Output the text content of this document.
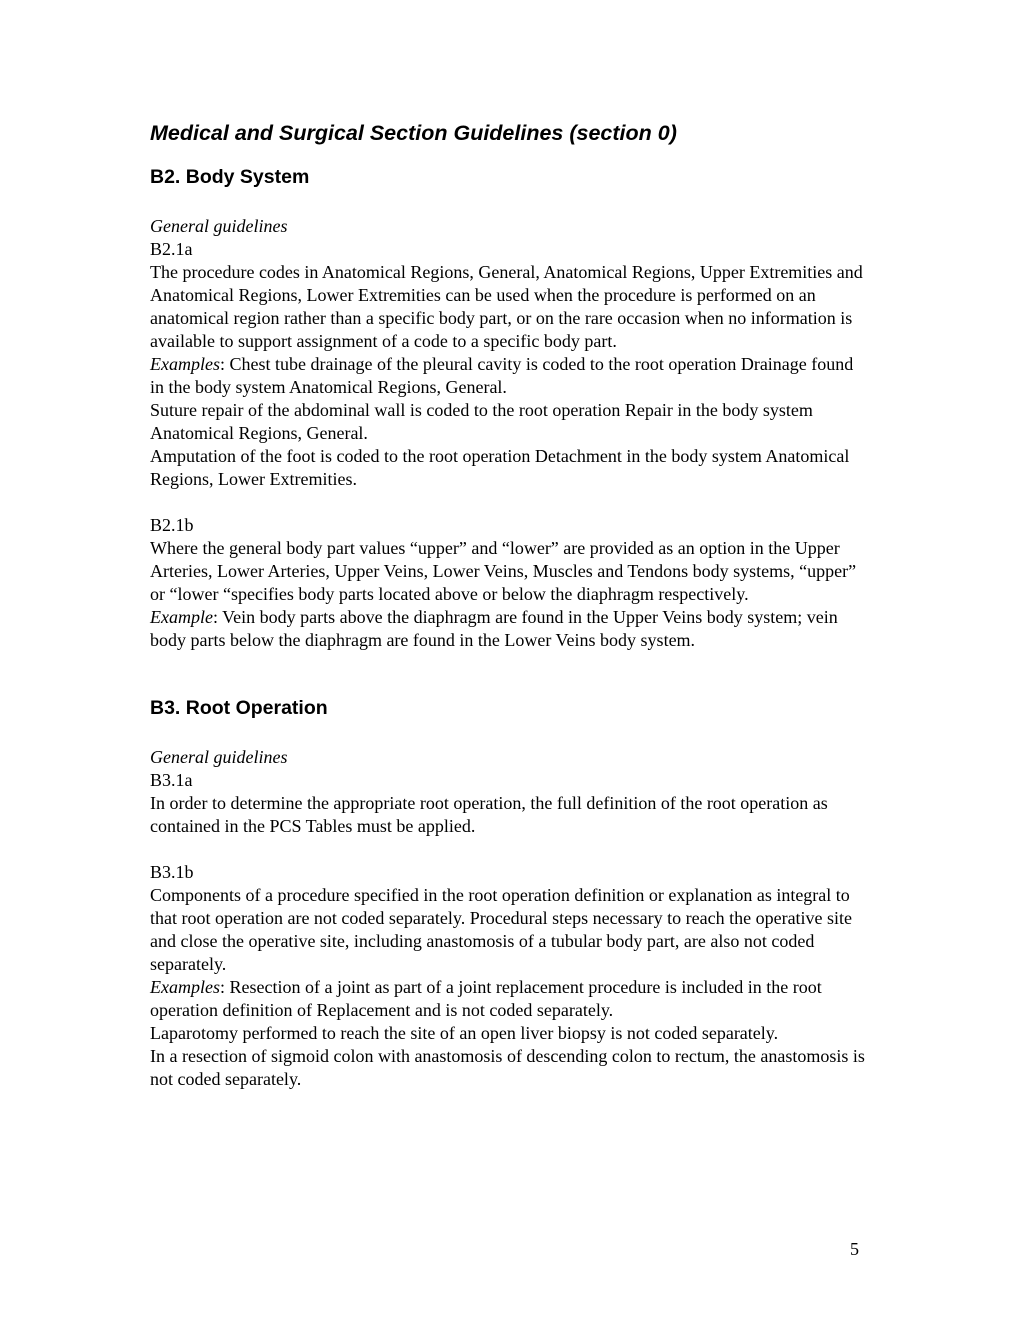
Medical and Surgical Section Guidelines (section 0)
B2. Body System

General guidelines

B2.1a

The procedure codes in Anatomical Regions, General, Anatomical Regions, Upper Extremities and Anatomical Regions, Lower Extremities can be used when the procedure is performed on an anatomical region rather than a specific body part, or on the rare occasion when no information is available to support assignment of a code to a specific body part.

Examples: Chest tube drainage of the pleural cavity is coded to the root operation Drainage found in the body system Anatomical Regions, General.

Suture repair of the abdominal wall is coded to the root operation Repair in the body system Anatomical Regions, General.

Amputation of the foot is coded to the root operation Detachment in the body system Anatomical Regions, Lower Extremities.

B2.1b

Where the general body part values “upper” and “lower” are provided as an option in the Upper Arteries, Lower Arteries, Upper Veins, Lower Veins, Muscles and Tendons body systems, “upper” or “lower “specifies body parts located above or below the diaphragm respectively.

Example: Vein body parts above the diaphragm are found in the Upper Veins body system; vein body parts below the diaphragm are found in the Lower Veins body system.

B3. Root Operation

General guidelines

B3.1a

In order to determine the appropriate root operation, the full definition of the root operation as contained in the PCS Tables must be applied.

B3.1b

Components of a procedure specified in the root operation definition or explanation as integral to that root operation are not coded separately. Procedural steps necessary to reach the operative site and close the operative site, including anastomosis of a tubular body part, are also not coded separately.

Examples: Resection of a joint as part of a joint replacement procedure is included in the root operation definition of Replacement and is not coded separately.

Laparotomy performed to reach the site of an open liver biopsy is not coded separately.

In a resection of sigmoid colon with anastomosis of descending colon to rectum, the anastomosis is not coded separately.

5
